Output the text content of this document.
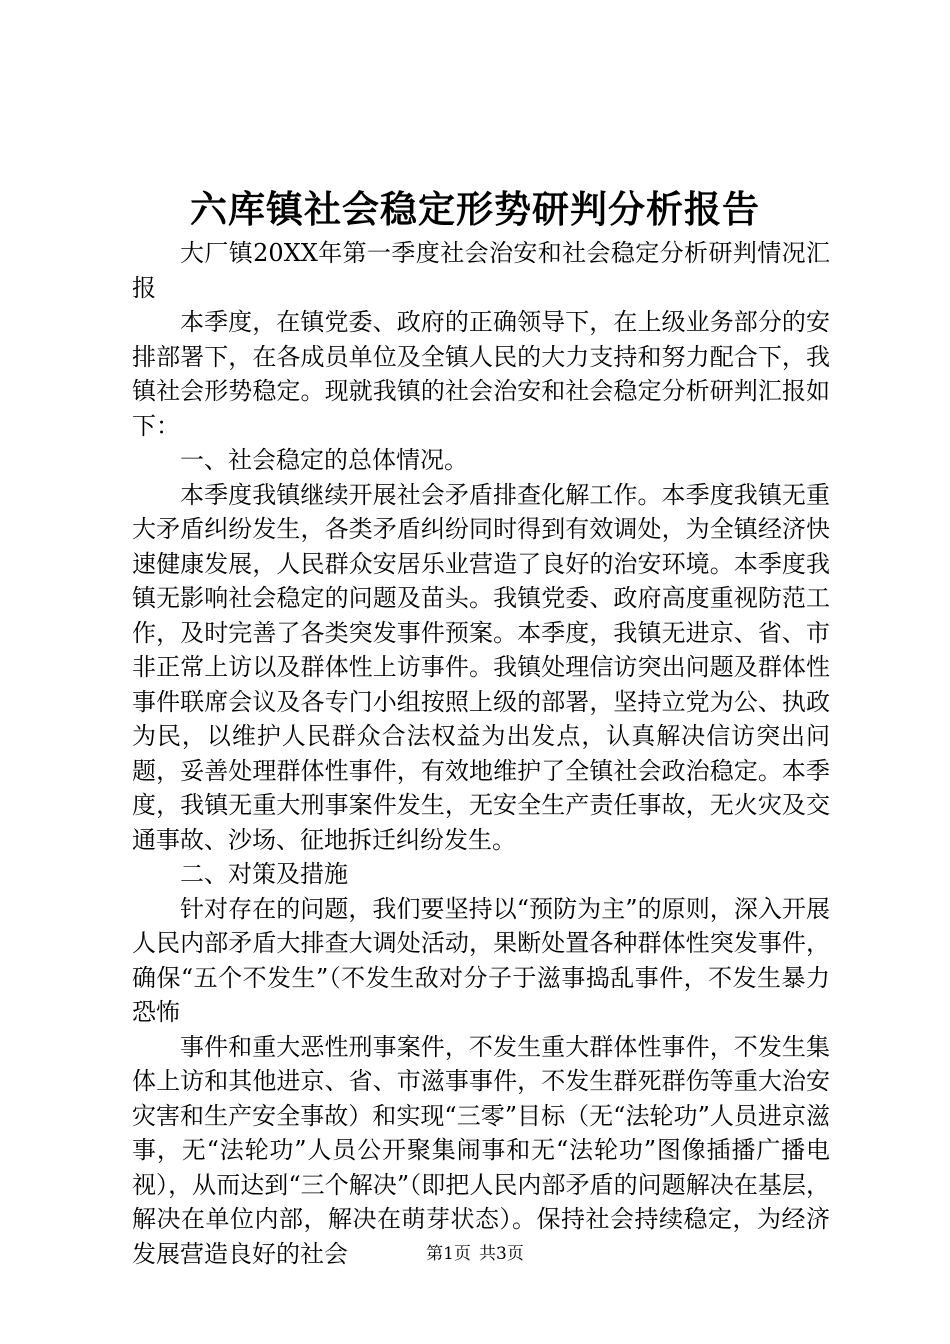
六库镇社会稳定形势研判分析报告

大厂镇20XX年第一季度社会治安和社会稳定分析研判情况汇报

本季度，在镇党委、政府的正确领导下，在上级业务部分的安排部署下，在各成员单位及全镇人民的大力支持和努力配合下，我镇社会形势稳定。现就我镇的社会治安和社会稳定分析研判汇报如下：

一、社会稳定的总体情况。

本季度我镇继续开展社会矛盾排查化解工作。本季度我镇无重大矛盾纠纷发生，各类矛盾纠纷同时得到有效调处，为全镇经济快速健康发展，人民群众安居乐业营造了良好的治安环境。本季度我镇无影响社会稳定的问题及苗头。我镇党委、政府高度重视防范工作，及时完善了各类突发事件预案。本季度，我镇无进京、省、市非正常上访以及群体性上访事件。我镇处理信访突出问题及群体性事件联席会议及各专门小组按照上级的部署，坚持立党为公、执政为民，以维护人民群众合法权益为出发点，认真解决信访突出问题，妥善处理群体性事件，有效地维护了全镇社会政治稳定。本季度，我镇无重大刑事案件发生，无安全生产责任事故，无火灾及交通事故、沙场、征地拆迁纠纷发生。

二、对策及措施

针对存在的问题，我们要坚持以“预防为主”的原则，深入开展人民内部矛盾大排查大调处活动，果断处置各种群体性突发事件，确保“五个不发生”（不发生敌对分子于滋事捣乱事件，不发生暴力恐怖

事件和重大恶性刑事案件，不发生重大群体性事件，不发生集体上访和其他进京、省、市滋事事件，不发生群死群伤等重大治安灾害和生产安全事故）和实现“三零”目标（无“法轮功”人员进京滋事，无“法轮功”人员公开聚集闹事和无“法轮功”图像插播广播电视），从而达到“三个解决”（即把人民内部矛盾的问题解决在基层，解决在单位内部，解决在萌芽状态）。保持社会持续稳定，为经济发展营造良好的社会	第1页 共3页
